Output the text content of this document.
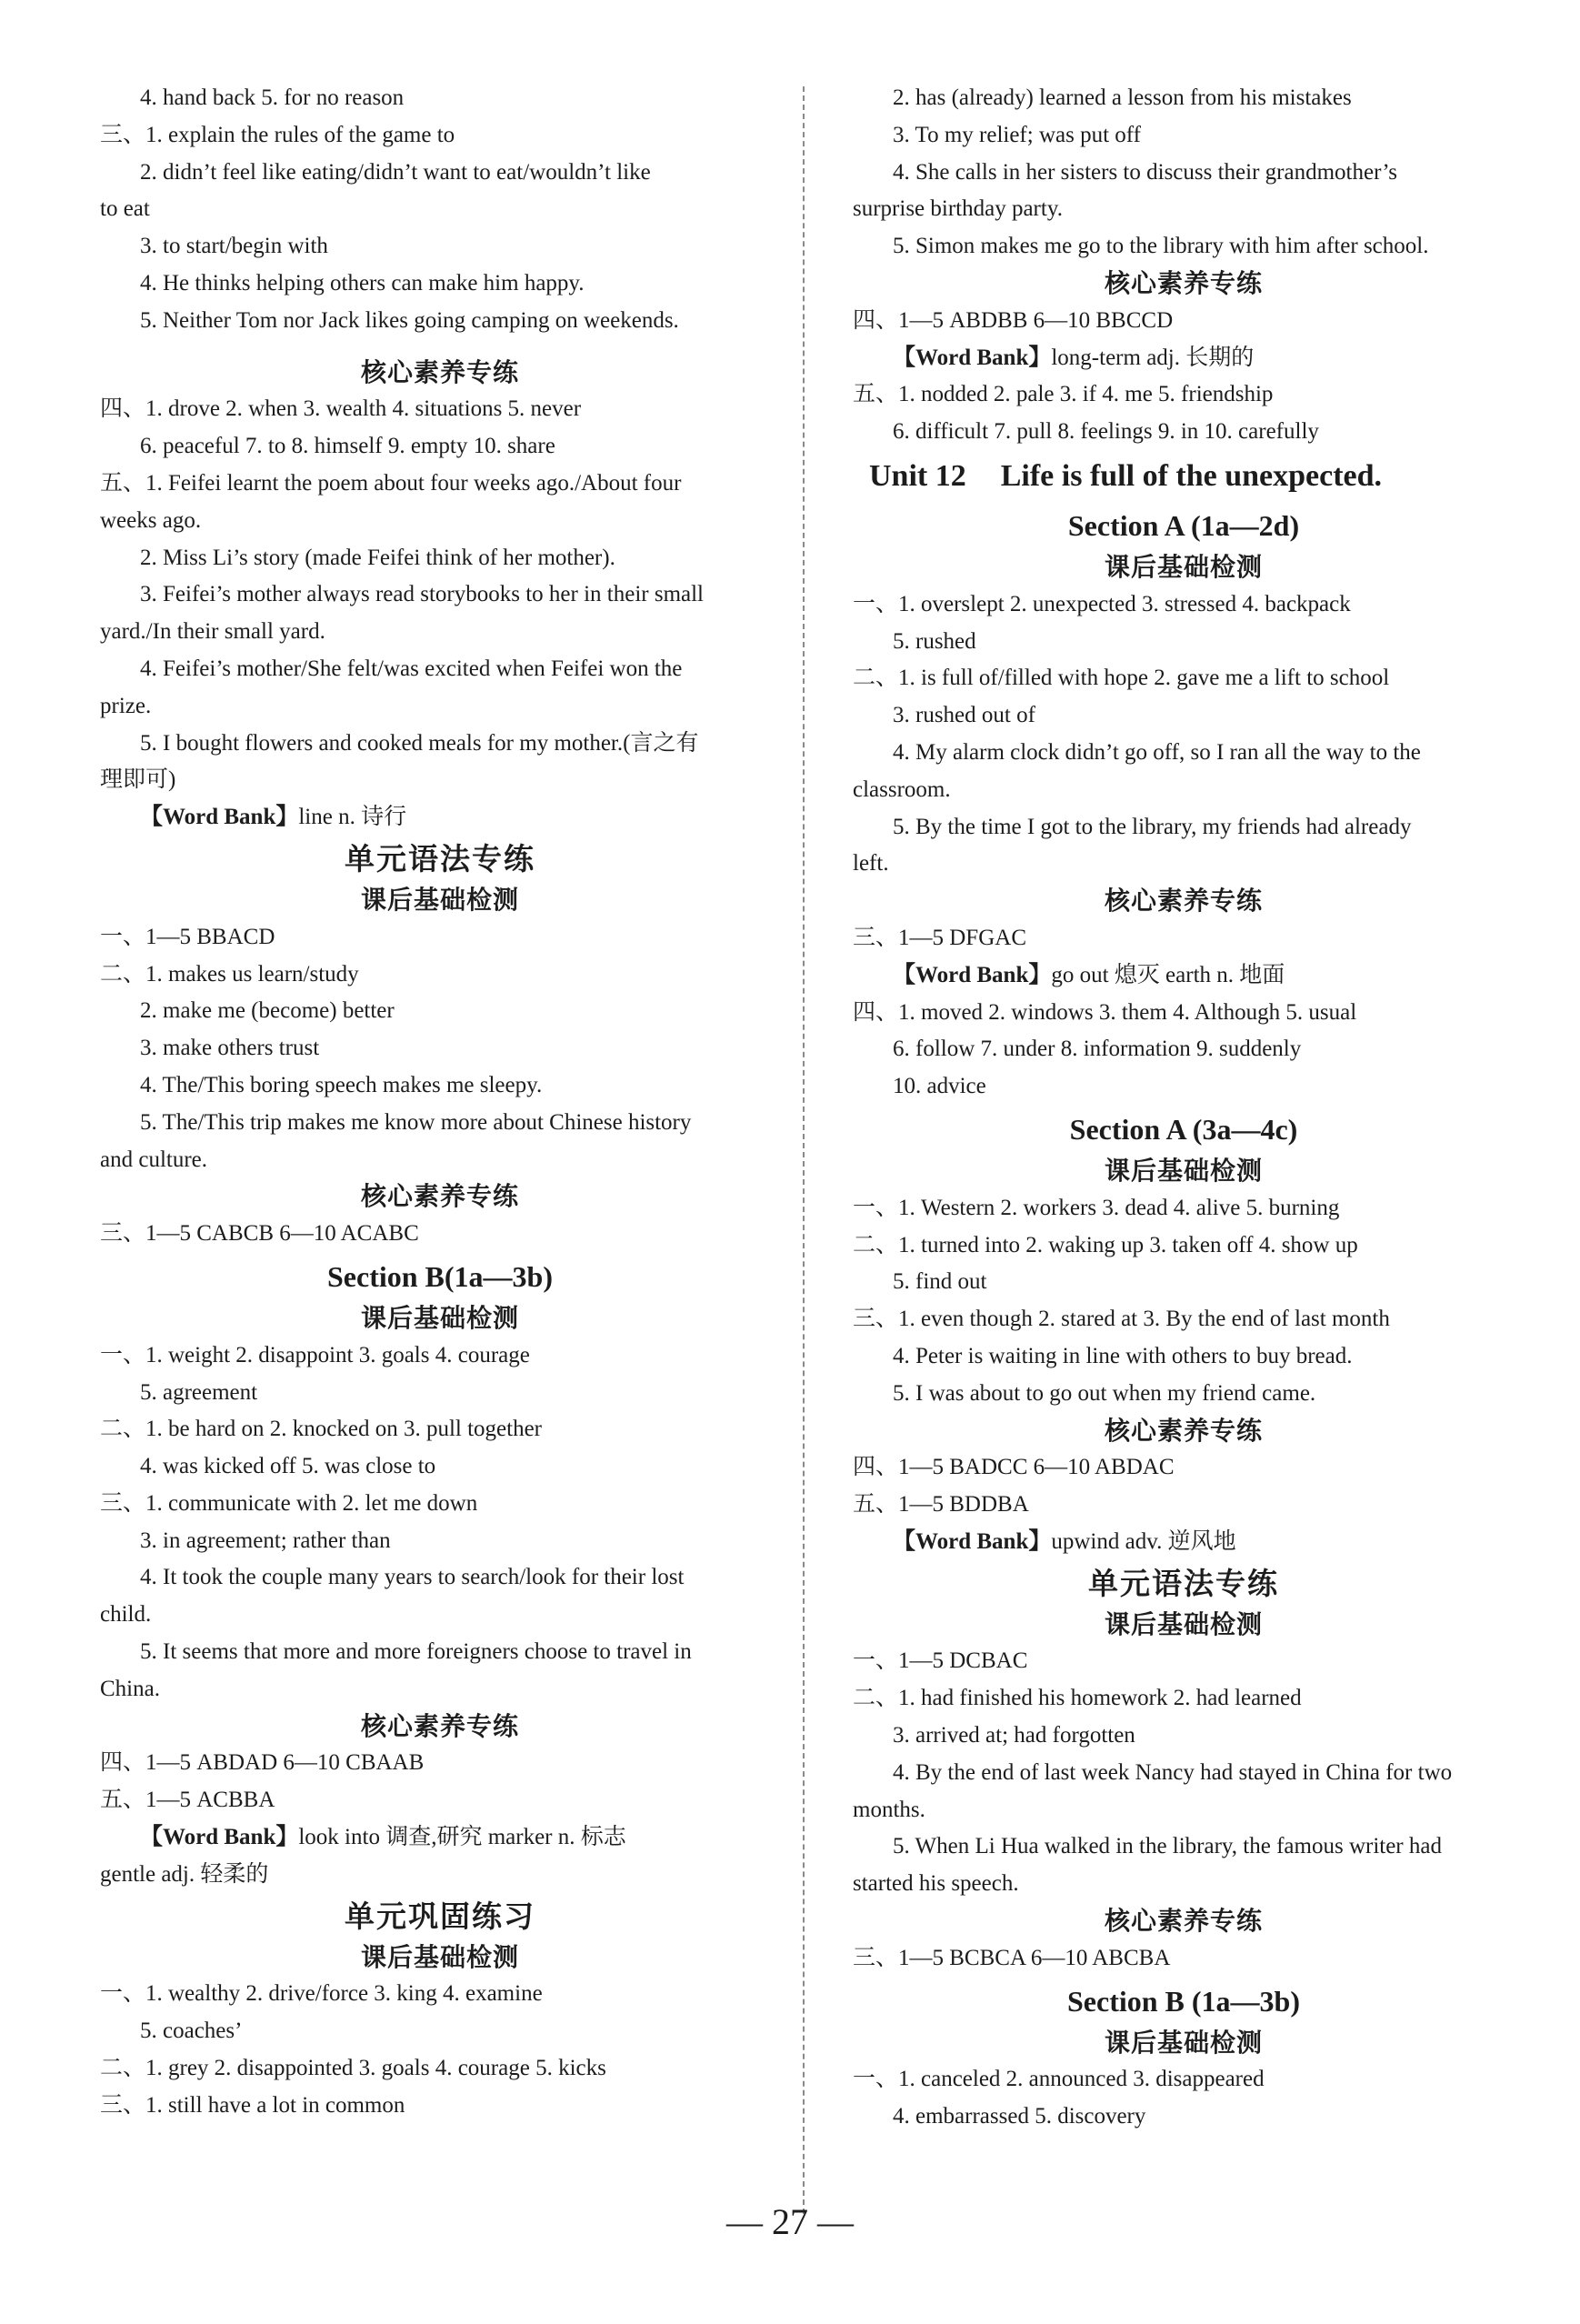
4. hand back 5. for no reason
三、1. explain the rules of the game to
2. didn’t feel like eating/didn’t want to eat/wouldn’t like
to eat
3. to start/begin with
4. He thinks helping others can make him happy.
5. Neither Tom nor Jack likes going camping on weekends.
核心素养专练
四、1. drove 2. when 3. wealth 4. situations 5. never
6. peaceful 7. to 8. himself 9. empty 10. share
五、1. Feifei learnt the poem about four weeks ago./About four
weeks ago.
2. Miss Li’s story (made Feifei think of her mother).
3. Feifei’s mother always read storybooks to her in their small
yard./In their small yard.
4. Feifei’s mother/She felt/was excited when Feifei won the
prize.
5. I bought flowers and cooked meals for my mother.(言之有
理即可)
【Word Bank】line n. 诗行
单元语法专练
课后基础检测
一、1—5 BBACD
二、1. makes us learn/study
2. make me (become) better
3. make others trust
4. The/This boring speech makes me sleepy.
5. The/This trip makes me know more about Chinese history
and culture.
核心素养专练
三、1—5 CABCB 6—10 ACABC
Section B(1a—3b)
课后基础检测
一、1. weight 2. disappoint 3. goals 4. courage
5. agreement
二、1. be hard on 2. knocked on 3. pull together
4. was kicked off 5. was close to
三、1. communicate with 2. let me down
3. in agreement; rather than
4. It took the couple many years to search/look for their lost
child.
5. It seems that more and more foreigners choose to travel in
China.
核心素养专练
四、1—5 ABDAD 6—10 CBAAB
五、1—5 ACBBA
【Word Bank】look into 调查,研究 marker n. 标志
gentle adj. 轻柔的
单元巩固练习
课后基础检测
一、1. wealthy 2. drive/force 3. king 4. examine
5. coaches’
二、1. grey 2. disappointed 3. goals 4. courage 5. kicks
三、1. still have a lot in common
2. has (already) learned a lesson from his mistakes
3. To my relief; was put off
4. She calls in her sisters to discuss their grandmother’s
surprise birthday party.
5. Simon makes me go to the library with him after school.
核心素养专练
四、1—5 ABDBB 6—10 BBCCD
【Word Bank】long-term adj. 长期的
五、1. nodded 2. pale 3. if 4. me 5. friendship
6. difficult 7. pull 8. feelings 9. in 10. carefully
Unit 12 Life is full of the unexpected.
Section A (1a—2d)
课后基础检测
一、1. overslept 2. unexpected 3. stressed 4. backpack
5. rushed
二、1. is full of/filled with hope 2. gave me a lift to school
3. rushed out of
4. My alarm clock didn’t go off, so I ran all the way to the
classroom.
5. By the time I got to the library, my friends had already
left.
核心素养专练
三、1—5 DFGAC
【Word Bank】go out 熄灭 earth n. 地面
四、1. moved 2. windows 3. them 4. Although 5. usual
6. follow 7. under 8. information 9. suddenly
10. advice
Section A (3a—4c)
课后基础检测
一、1. Western 2. workers 3. dead 4. alive 5. burning
二、1. turned into 2. waking up 3. taken off 4. show up
5. find out
三、1. even though 2. stared at 3. By the end of last month
4. Peter is waiting in line with others to buy bread.
5. I was about to go out when my friend came.
核心素养专练
四、1—5 BADCC 6—10 ABDAC
五、1—5 BDDBA
【Word Bank】upwind adv. 逆风地
单元语法专练
课后基础检测
一、1—5 DCBAC
二、1. had finished his homework 2. had learned
3. arrived at; had forgotten
4. By the end of last week Nancy had stayed in China for two
months.
5. When Li Hua walked in the library, the famous writer had
started his speech.
核心素养专练
三、1—5 BCBCA 6—10 ABCBA
Section B (1a—3b)
课后基础检测
一、1. canceled 2. announced 3. disappeared
4. embarrassed 5. discovery
— 27 —
